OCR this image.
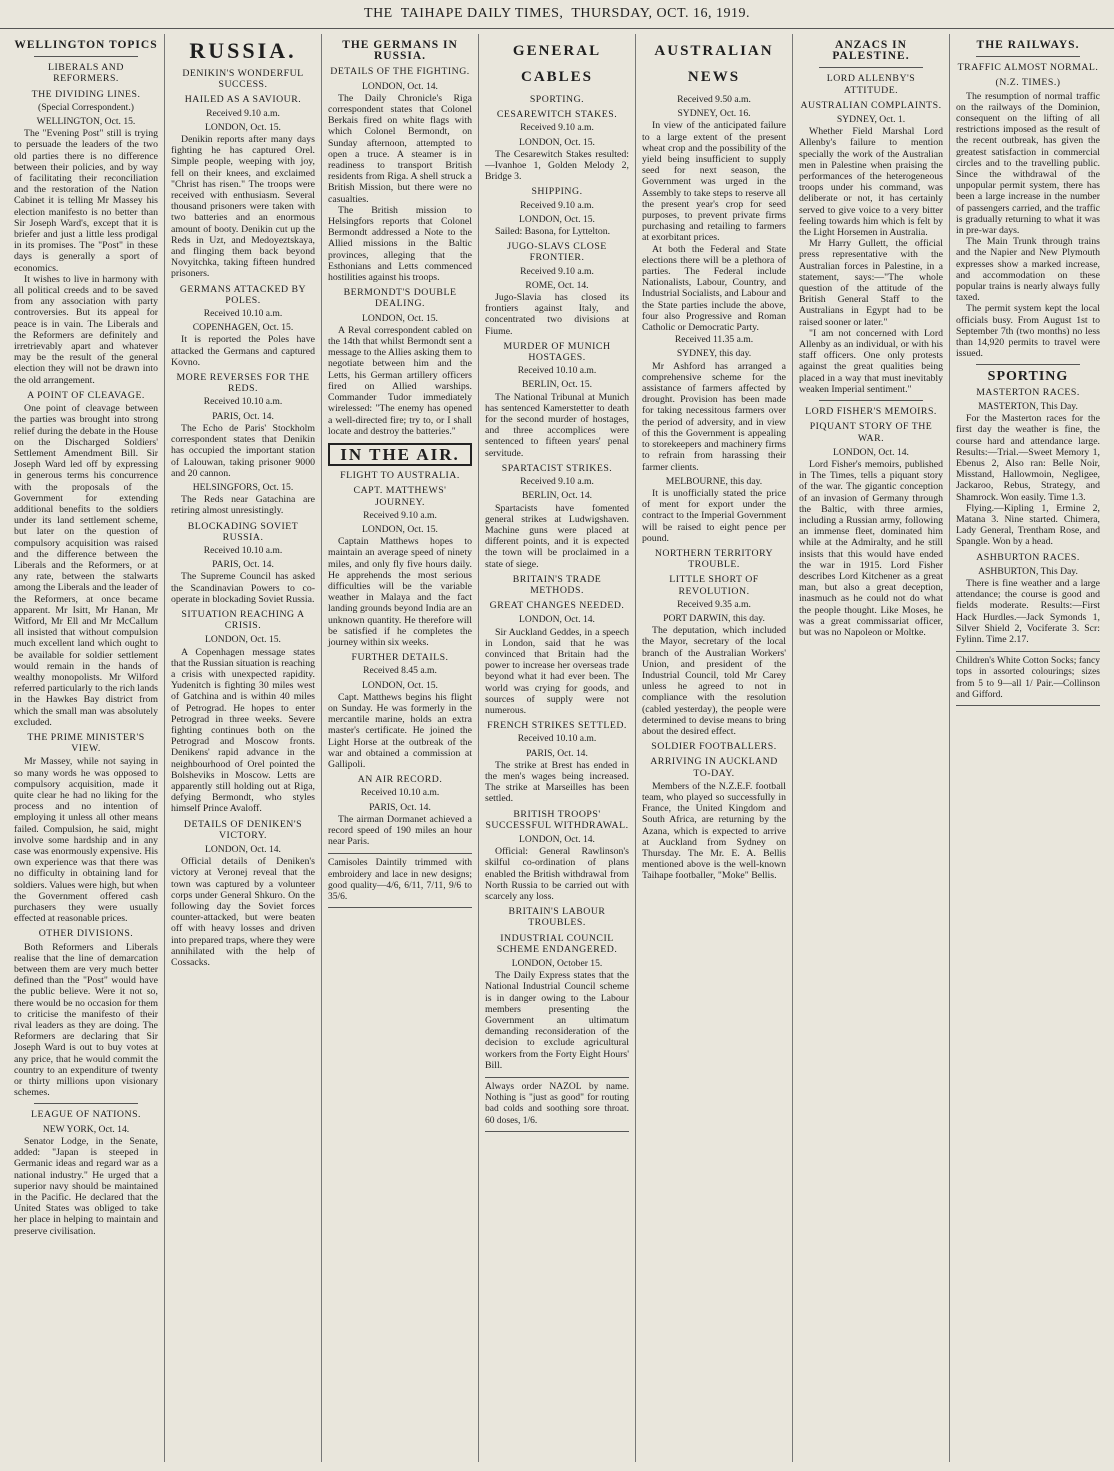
THE TAIHAPE DAILY TIMES, THURSDAY, OCT. 16, 1919.
WELLINGTON TOPICS
LIBERALS AND REFORMERS.
THE DIVIDING LINES.
(Special Correspondent.)
WELLINGTON, Oct. 15.

The "Evening Post" still is trying to persuade the leaders of the two old parties there is no difference between their policies, and by way of facilitating their reconciliation and the restoration of the Nation Cabinet it is telling Mr Massey his election manifesto is no better than Sir Joseph Ward's, except that it is briefer and just a little less prodigal in its promises. The "Post" in these days is generally a sport of economics.

It wishes to live in harmony with all political creeds and to be saved from any association with party controversies. But its appeal for peace is in vain. The Liberals and the Reformers are definitely and irretrievably apart and whatever may be the result of the general election they will not be drawn into the old arrangement.

A POINT OF CLEAVAGE.

One point of cleavage between the parties was brought into strong relief during the debate in the House on the Discharged Soldiers' Settlement Amendment Bill. Sir Joseph Ward led off by expressing in generous terms his concurrence with the proposals of the Government for extending additional benefits to the soldiers under its land settlement scheme, but later on the question of compulsory acquisition was raised and the difference between the Liberals and the Reformers, or at any rate, between the stalwarts among the Liberals and the leader of the Reformers, at once became apparent. Mr Isitt, Mr Hanan, Mr Witford, Mr Ell and Mr McCallum all insisted that without compulsion much excellent land which ought to be available for soldier settlement would remain in the hands of wealthy monopolists. Mr Wilford referred particularly to the rich lands in the Hawkes Bay district from which the small man was absolutely excluded.

THE PRIME MINISTER'S VIEW.

Mr Massey, while not saying in so many words he was opposed to compulsory acquisition, made it quite clear he had no liking for the process and no intention of employing it unless all other means failed. Compulsion, he said, might involve some hardship and in any case was enormously expensive. His own experience was that there was no difficulty in obtaining land for soldiers. Values were high, but when the Government offered cash purchasers they were usually effected at reasonable prices.

OTHER DIVISIONS.

Both Reformers and Liberals realise that the line of demarcation between them are very much better defined than the "Post" would have the public believe. Were it not so, there would be no occasion for them to criticise the manifesto of their rival leaders as they are doing. The Reformers are declaring that Sir Joseph Ward is out to buy votes at any price, that he would commit the country to an expenditure of twenty or thirty millions upon visionary schemes.

LEAGUE OF NATIONS.
NEW YORK, Oct. 14.

Senator Lodge, in the Senate, added: "Japan is steeped in Germanic ideas and regard war as a national industry." He urged that a superior navy should be maintained in the Pacific. He declared that the United States was obliged to take her place in helping to maintain and preserve civilisation.

RUSSIA.
DENIKIN'S WONDERFUL SUCCESS.
HAILED AS A SAVIOUR.
Received 9.10 a.m.
LONDON, Oct. 15.

Denikin reports after many days fighting he has captured Orel. Simple people, weeping with joy, fell on their knees, and exclaimed "Christ has risen." The troops were received with enthusiasm. Several thousand prisoners were taken with two batteries and an enormous amount of booty. Denikin cut up the Reds in Uzt, and Medoyeztskaya, and flinging them back beyond Novyitchka, taking fifteen hundred prisoners.

GERMANS ATTACKED BY POLES.
Received 10.10 a.m.
COPENHAGEN, Oct. 15.

It is reported the Poles have attacked the Germans and captured Kovno.

MORE REVERSES FOR THE REDS.
Received 10.10 a.m.
PARIS, Oct. 14.

The Echo de Paris' Stockholm correspondent states that Denikin has occupied the important station of Lalouwan, taking prisoner 9000 and 20 cannon.

HELSINGFORS, Oct. 15.

The Reds near Gatachina are retiring almost unresistingly.

BLOCKADING SOVIET RUSSIA.
Received 10.10 a.m.
PARIS, Oct. 14.

The Supreme Council has asked the Scandinavian Powers to co-operate in blockading Soviet Russia.

SITUATION REACHING A CRISIS.
LONDON, Oct. 15.

A Copenhagen message states that the Russian situation is reaching a crisis with unexpected rapidity. Yudenitch is fighting 30 miles west of Gatchina and is within 40 miles of Petrograd. He hopes to enter Petrograd in three weeks. Severe fighting continues both on the Petrograd and Moscow fronts. Denikens' rapid advance in the neighbourhood of Orel pointed the Bolsheviks in Moscow. Letts are apparently still holding out at Riga, defying Bermondt, who styles himself Prince Avaloff.

DETAILS OF DENIKEN'S VICTORY.
LONDON, Oct. 14.

Official details of Deniken's victory at Veronej reveal that the town was captured by a volunteer corps under General Shkuro. On the following day the Soviet forces counter-attacked, but were beaten off with heavy losses and driven into prepared traps, where they were annihilated with the help of Cossacks.

THE GERMANS IN RUSSIA.
DETAILS OF THE FIGHTING.
LONDON, Oct. 14.

The Daily Chronicle's Riga correspondent states that Colonel Berkais fired on white flags with which Colonel Bermondt, on Sunday afternoon, attempted to open a truce. A steamer is in readiness to transport British residents from Riga. A shell struck a British Mission, but there were no casualties.

The British mission to Helsingfors reports that Colonel Bermondt addressed a Note to the Allied missions in the Baltic provinces, alleging that the Esthonians and Letts commenced hostilities against his troops.

BERMONDT'S DOUBLE DEALING.
LONDON, Oct. 15.

A Reval correspondent cabled on the 14th that whilst Bermondt sent a message to the Allies asking them to negotiate between him and the Letts, his German artillery officers fired on Allied warships. Commander Tudor immediately wirelessed: "The enemy has opened a well-directed fire; try to, or I shall locate and destroy the batteries."

IN THE AIR.
FLIGHT TO AUSTRALIA.
CAPT. MATTHEWS' JOURNEY.
Received 9.10 a.m.
LONDON, Oct. 15.

Captain Matthews hopes to maintain an average speed of ninety miles, and only fly five hours daily. He apprehends the most serious difficulties will be the variable weather in Malaya and the fact landing grounds beyond India are an unknown quantity. He therefore will be satisfied if he completes the journey within six weeks.

FURTHER DETAILS.
Received 8.45 a.m.
LONDON, Oct. 15.

Capt. Matthews begins his flight on Sunday. He was formerly in the mercantile marine, holds an extra master's certificate. He joined the Light Horse at the outbreak of the war and obtained a commission at Gallipoli.

AN AIR RECORD.
Received 10.10 a.m.
PARIS, Oct. 14.

The airman Dormanet achieved a record speed of 190 miles an hour near Paris.

Camisoles Daintily trimmed with embroidery and lace in new designs; good quality—4/6, 6/11, 7/11, 9/6 to 35/6.
GENERAL CABLES
SPORTING.
CESAREWITCH STAKES.
Received 9.10 a.m.
LONDON, Oct. 15.

The Cesarewitch Stakes resulted:—Ivanhoe 1, Golden Melody 2, Bridge 3.

SHIPPING.
Received 9.10 a.m.
LONDON, Oct. 15.

Sailed: Basona, for Lyttelton.

JUGO-SLAVS CLOSE FRONTIER.
Received 9.10 a.m.
ROME, Oct. 14.

Jugo-Slavia has closed its frontiers against Italy, and concentrated two divisions at Fiume.

MURDER OF MUNICH HOSTAGES.
Received 10.10 a.m.
BERLIN, Oct. 15.

The National Tribunal at Munich has sentenced Kamerstetter to death for the second murder of hostages, and three accomplices were sentenced to fifteen years' penal servitude.

SPARTACIST STRIKES.
Received 9.10 a.m.
BERLIN, Oct. 14.

Spartacists have fomented general strikes at Ludwigshaven. Machine guns were placed at different points, and it is expected the town will be proclaimed in a state of siege.

BRITAIN'S TRADE METHODS.
GREAT CHANGES NEEDED.
LONDON, Oct. 14.

Sir Auckland Geddes, in a speech in London, said that he was convinced that Britain had the power to increase her overseas trade beyond what it had ever been. The world was crying for goods, and sources of supply were not numerous.

FRENCH STRIKES SETTLED.
Received 10.10 a.m.
PARIS, Oct. 14.

The strike at Brest has ended in the men's wages being increased. The strike at Marseilles has been settled.

BRITISH TROOPS' SUCCESSFUL WITHDRAWAL.
LONDON, Oct. 14.

Official: General Rawlinson's skilful co-ordination of plans enabled the British withdrawal from North Russia to be carried out with scarcely any loss.

BRITAIN'S LABOUR TROUBLES.
INDUSTRIAL COUNCIL SCHEME ENDANGERED.
LONDON, October 15.

The Daily Express states that the National Industrial Council scheme is in danger owing to the Labour members presenting the Government an ultimatum demanding reconsideration of the decision to exclude agricultural workers from the Forty Eight Hours' Bill.

Always order NAZOL by name. Nothing is "just as good" for routing bad colds and soothing sore throat. 60 doses, 1/6.
AUSTRALIAN NEWS
Received 9.50 a.m.
SYDNEY, Oct. 16.

In view of the anticipated failure to a large extent of the present wheat crop and the possibility of the yield being insufficient to supply seed for next season, the Government was urged in the Assembly to take steps to reserve all the present year's crop for seed purposes, to prevent private firms purchasing and retailing to farmers at exorbitant prices.

At both the Federal and State elections there will be a plethora of parties. The Federal include Nationalists, Labour, Country, and Industrial Socialists, and Labour and the State parties include the above, four also Progressive and Roman Catholic or Democratic Party.

Received 11.35 a.m.
SYDNEY, this day.

Mr Ashford has arranged a comprehensive scheme for the assistance of farmers affected by drought. Provision has been made for taking necessitous farmers over the period of adversity, and in view of this the Government is appealing to storekeepers and machinery firms to refrain from harassing their farmer clients.

MELBOURNE, this day.

It is unofficially stated the price of ment for export under the contract to the Imperial Government will be raised to eight pence per pound.

NORTHERN TERRITORY TROUBLE.
LITTLE SHORT OF REVOLUTION.
Received 9.35 a.m.
PORT DARWIN, this day.

The deputation, which included the Mayor, secretary of the local branch of the Australian Workers' Union, and president of the Industrial Council, told Mr Carey unless he agreed to not in compliance with the resolution (cabled yesterday), the people were determined to devise means to bring about the desired effect.

SOLDIER FOOTBALLERS.
ARRIVING IN AUCKLAND TO-DAY.

Members of the N.Z.E.F. football team, who played so successfully in France, the United Kingdom and South Africa, are returning by the Azana, which is expected to arrive at Auckland from Sydney on Thursday. The Mr. E. A. Bellis mentioned above is the well-known Taihape footballer, "Moke" Bellis.

ANZACS IN PALESTINE.
LORD ALLENBY'S ATTITUDE.
AUSTRALIAN COMPLAINTS.
SYDNEY, Oct. 1.

Whether Field Marshal Lord Allenby's failure to mention specially the work of the Australian men in Palestine when praising the performances of the heterogeneous troops under his command, was deliberate or not, it has certainly served to give voice to a very bitter feeling towards him which is felt by the Light Horsemen in Australia.

Mr Harry Gullett, the official press representative with the Australian forces in Palestine, in a statement, says:—"The whole question of the attitude of the British General Staff to the Australians in Egypt had to be raised sooner or later."

"I am not concerned with Lord Allenby as an individual, or with his staff officers. One only protests against the great qualities being placed in a way that must inevitably weaken Imperial sentiment."

LORD FISHER'S MEMOIRS.
PIQUANT STORY OF THE WAR.
LONDON, Oct. 14.

Lord Fisher's memoirs, published in The Times, tells a piquant story of the war. The gigantic conception of an invasion of Germany through the Baltic, with three armies, including a Russian army, following an immense fleet, dominated him while at the Admiralty, and he still insists that this would have ended the war in 1915. Lord Fisher describes Lord Kitchener as a great man, but also a great deception, inasmuch as he could not do what the people thought. Like Moses, he was a great commissariat officer, but was no Napoleon or Moltke.

THE RAILWAYS.
TRAFFIC ALMOST NORMAL.
(N.Z. TIMES.)

The resumption of normal traffic on the railways of the Dominion, consequent on the lifting of all restrictions imposed as the result of the recent outbreak, has given the greatest satisfaction in commercial circles and to the travelling public. Since the withdrawal of the unpopular permit system, there has been a large increase in the number of passengers carried, and the traffic is gradually returning to what it was in pre-war days.

The Main Trunk through trains and the Napier and New Plymouth expresses show a marked increase, and accommodation on these popular trains is nearly always fully taxed.

The permit system kept the local officials busy. From August 1st to September 7th (two months) no less than 14,920 permits to travel were issued.

SPORTING
MASTERTON RACES.
MASTERTON, This Day.

For the Masterton races for the first day the weather is fine, the course hard and attendance large. Results:—Trial.—Sweet Memory 1, Ebenus 2, Also ran: Belle Noir, Misstand, Hallowmoin, Negligee, Jackaroo, Rebus, Strategy, and Shamrock. Won easily. Time 1.3.

Flying.—Kipling 1, Ermine 2, Matana 3. Nine started. Chimera, Lady General, Trentham Rose, and Spangle. Won by a head.

ASHBURTON RACES.
ASHBURTON, This Day.

There is fine weather and a large attendance; the course is good and fields moderate. Results:—First Hack Hurdles.—Jack Symonds 1, Silver Shield 2, Vociferate 3. Scr: Fylinn. Time 2.17.

Children's White Cotton Socks; fancy tops in assorted colourings; sizes from 5 to 9—all 1/ Pair.—Collinson and Gifford.
